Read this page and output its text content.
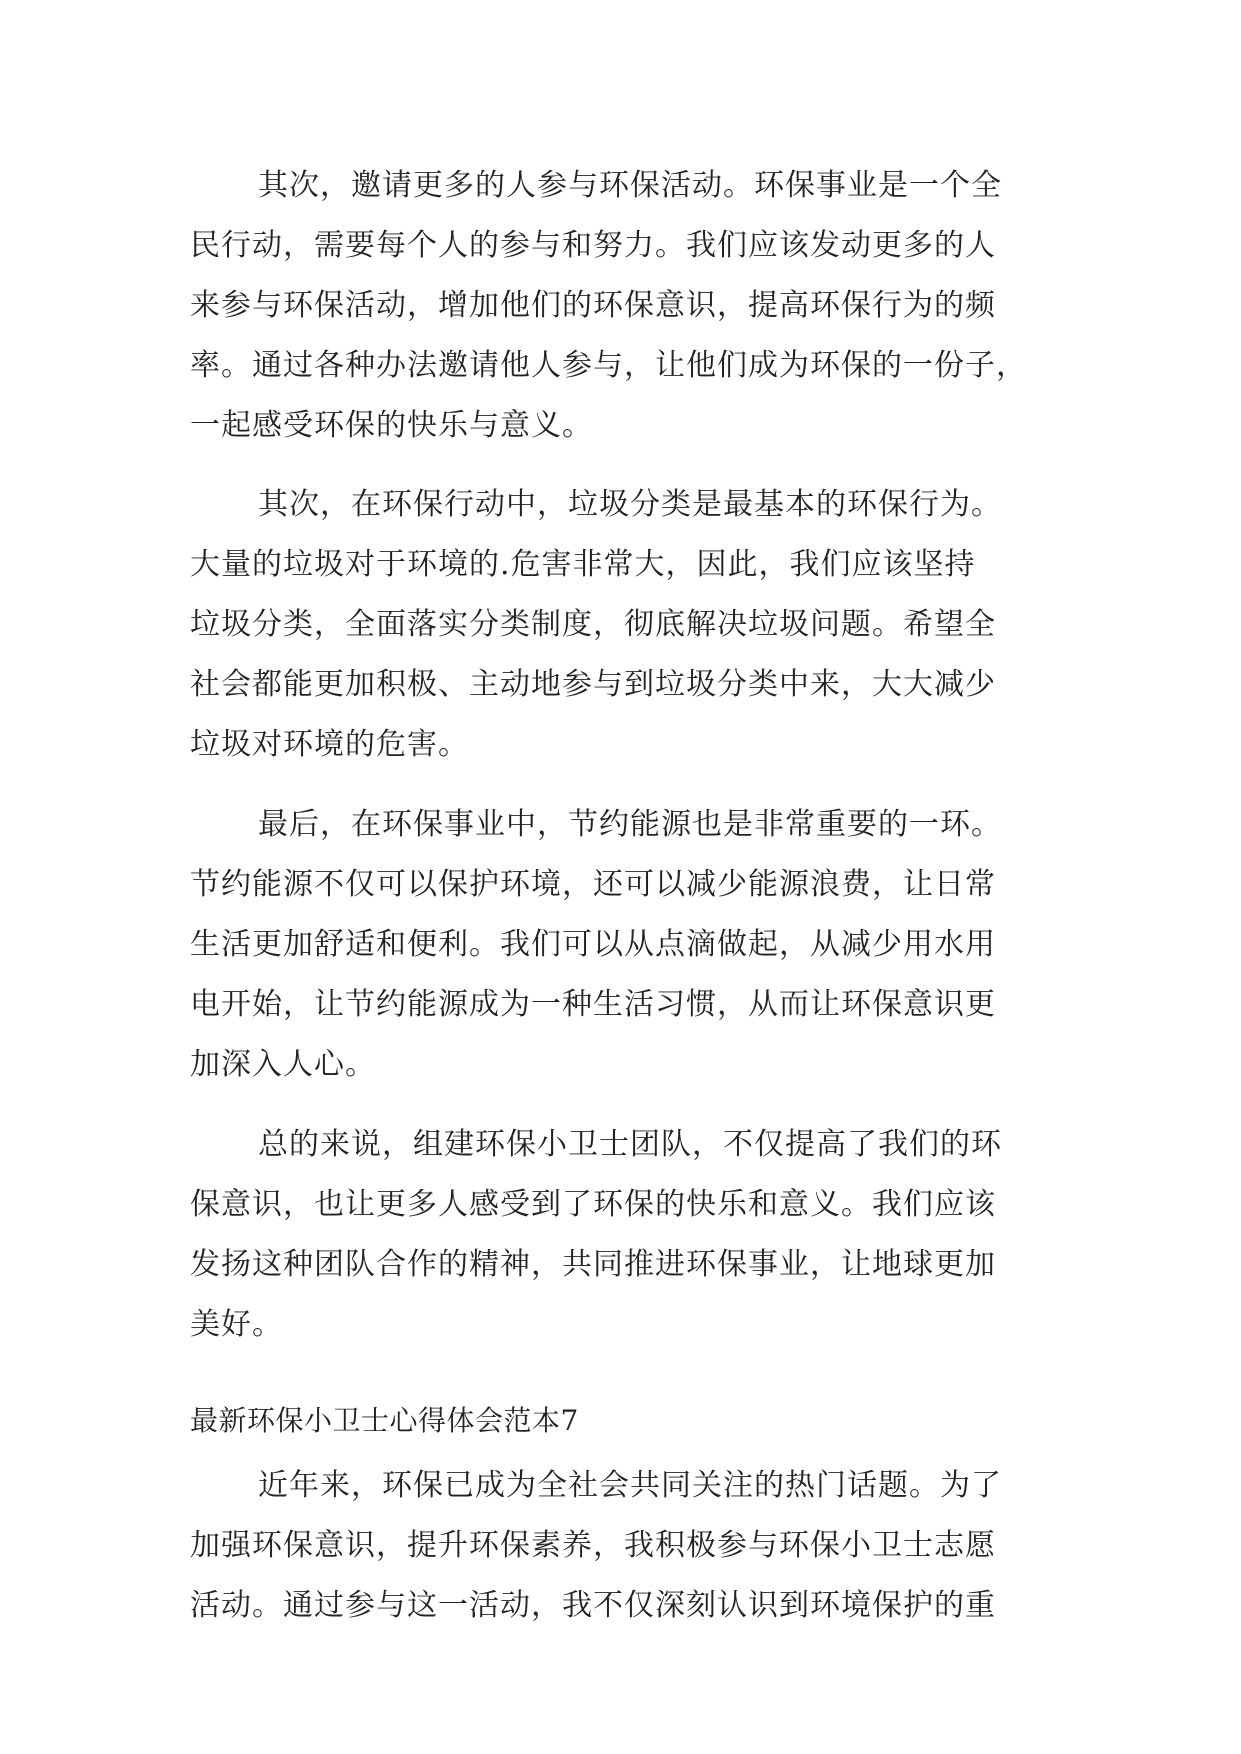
其次，邀请更多的人参与环保活动。环保事业是一个全
民行动，需要每个人的参与和努力。我们应该发动更多的人
来参与环保活动，增加他们的环保意识，提高环保行为的频
率。通过各种办法邀请他人参与，让他们成为环保的一份子，
一起感受环保的快乐与意义。
其次，在环保行动中，垃圾分类是最基本的环保行为。
大量的垃圾对于环境的.危害非常大，因此，我们应该坚持
垃圾分类，全面落实分类制度，彻底解决垃圾问题。希望全
社会都能更加积极、主动地参与到垃圾分类中来，大大减少
垃圾对环境的危害。
最后，在环保事业中，节约能源也是非常重要的一环。
节约能源不仅可以保护环境，还可以减少能源浪费，让日常
生活更加舒适和便利。我们可以从点滴做起，从减少用水用
电开始，让节约能源成为一种生活习惯，从而让环保意识更
加深入人心。
总的来说，组建环保小卫士团队，不仅提高了我们的环
保意识，也让更多人感受到了环保的快乐和意义。我们应该
发扬这种团队合作的精神，共同推进环保事业，让地球更加
美好。
最新环保小卫士心得体会范本7
近年来，环保已成为全社会共同关注的热门话题。为了
加强环保意识，提升环保素养，我积极参与环保小卫士志愿
活动。通过参与这一活动，我不仅深刻认识到环境保护的重
